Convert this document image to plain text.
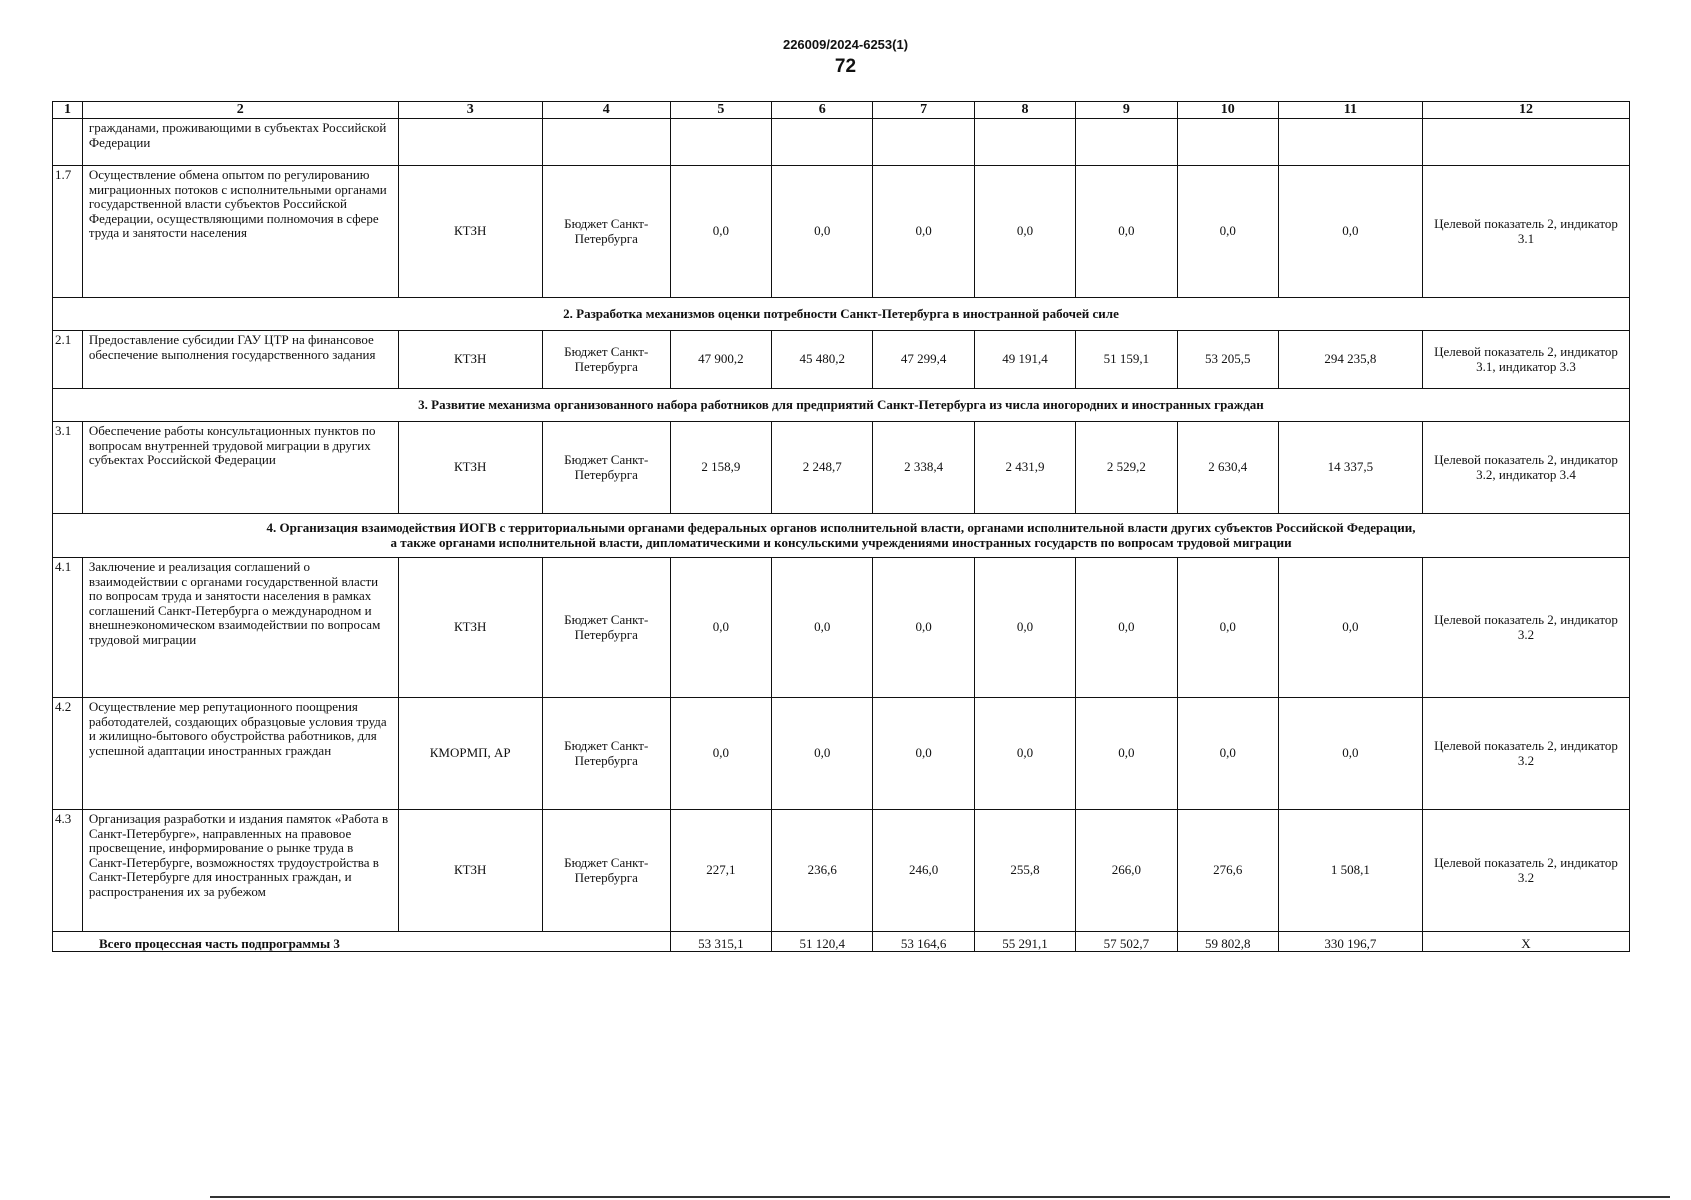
226009/2024-6253(1)
72
1	2	3	4	5	6	7	8	9	10	11	12
	гражданами, проживающими в субъектах Российской Федерации										
1.7	Осуществление обмена опытом по регулированию миграционных потоков с исполнительными органами государственной власти субъектов Российской Федерации, осуществляющими полномочия в сфере труда и занятости населения	КТЗН	Бюджет Санкт-Петербурга	0,0	0,0	0,0	0,0	0,0	0,0	0,0	Целевой показатель 2, индикатор 3.1
2. Разработка механизмов оценки потребности Санкт-Петербурга в иностранной рабочей силе											
2.1	Предоставление субсидии ГАУ ЦТР на финансовое обеспечение выполнения государственного задания	КТЗН	Бюджет Санкт-Петербурга	47 900,2	45 480,2	47 299,4	49 191,4	51 159,1	53 205,5	294 235,8	Целевой показатель 2, индикатор 3.1, индикатор 3.3
3. Развитие механизма организованного набора работников для предприятий Санкт-Петербурга из числа иногородних и иностранных граждан											
3.1	Обеспечение работы консультационных пунктов по вопросам внутренней трудовой миграции в других субъектах Российской Федерации	КТЗН	Бюджет Санкт-Петербурга	2 158,9	2 248,7	2 338,4	2 431,9	2 529,2	2 630,4	14 337,5	Целевой показатель 2, индикатор 3.2, индикатор 3.4

4. Организация взаимодействия ИОГВ с территориальными органами федеральных органов исполнительной власти, органами исполнительной власти других субъектов Российской Федерации,
а также органами исполнительной власти, дипломатическими и консульскими учреждениями иностранных государств по вопросам трудовой миграции											

4.1	Заключение и реализация соглашений о взаимодействии с органами государственной власти по вопросам труда и занятости населения в рамках соглашений Санкт-Петербурга о международном и внешнеэкономическом взаимодействии по вопросам трудовой миграции	КТЗН	Бюджет Санкт-Петербурга	0,0	0,0	0,0	0,0	0,0	0,0	0,0	Целевой показатель 2, индикатор 3.2
4.2	Осуществление мер репутационного поощрения работодателей, создающих образцовые условия труда и жилищно-бытового обустройства работников, для успешной адаптации иностранных граждан	КМОРМП, АР	Бюджет Санкт-Петербурга	0,0	0,0	0,0	0,0	0,0	0,0	0,0	Целевой показатель 2, индикатор 3.2
4.3	Организация разработки и издания памяток «Работа в Санкт-Петербурге», направленных на правовое просвещение, информирование о рынке труда в Санкт-Петербурге, возможностях трудоустройства в Санкт-Петербурге для иностранных граждан, и распространения их за рубежом	КТЗН	Бюджет Санкт-Петербурга	227,1	236,6	246,0	255,8	266,0	276,6	1 508,1	Целевой показатель 2, индикатор 3.2
Всего процессная часть подпрограммы 3				53 315,1	51 120,4	53 164,6	55 291,1	57 502,7	59 802,8	330 196,7	X
